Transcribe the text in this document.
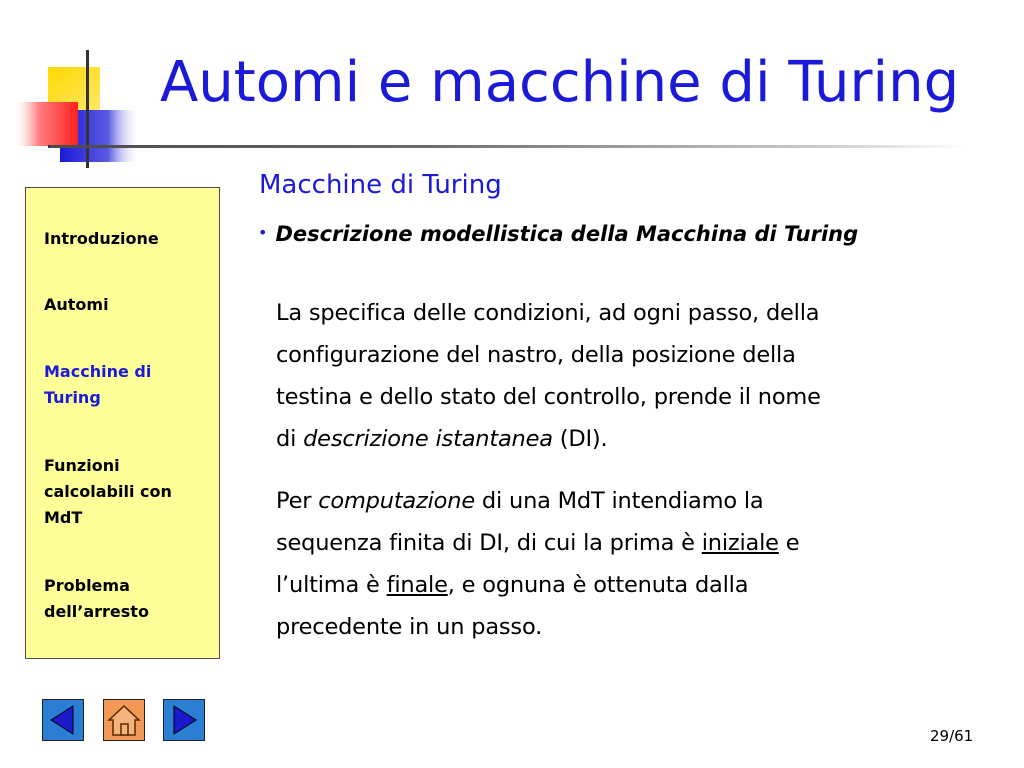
Automi e macchine di Turing
Introduzione
Automi
Macchine di Turing
Funzioni calcolabili con MdT
Problema dell’arresto
Macchine di Turing
• Descrizione modellistica della Macchina di Turing
La specifica delle condizioni, ad ogni passo, della
configurazione del nastro, della posizione della
testina e dello stato del controllo, prende il nome
di descrizione istantanea (DI).
Per computazione di una MdT intendiamo la
sequenza finita di DI, di cui la prima è iniziale e
l’ultima è finale, e ognuna è ottenuta dalla
precedente in un passo.
29/61
